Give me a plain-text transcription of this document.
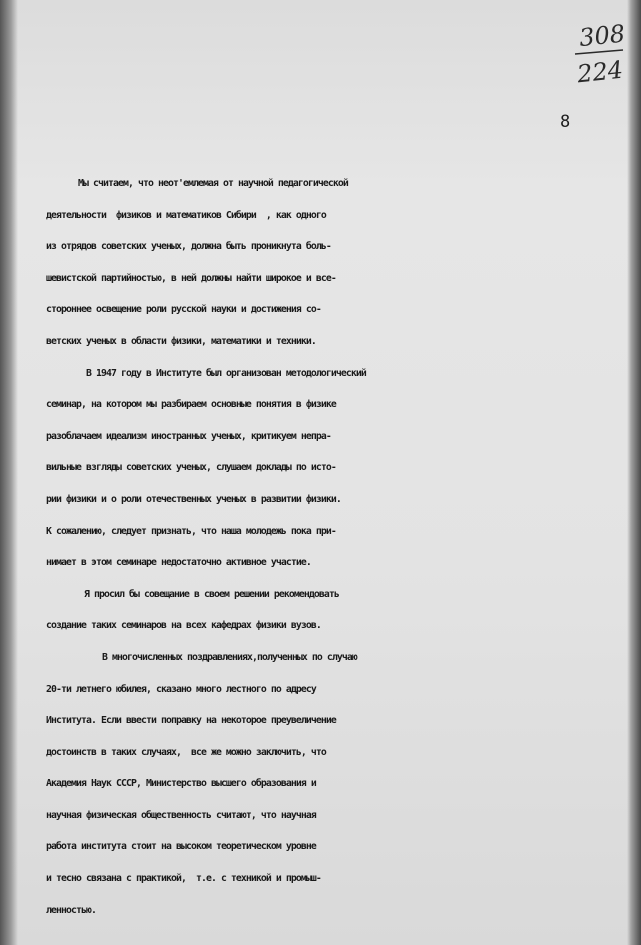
308
224
8
Мы считаем, что неот'емлемая от научной педагогической
деятельности  физиков и математиков Сибири  , как одного
из отрядов советских ученых, должна быть проникнута боль-
шевистской партийностью, в ней должны найти широкое и все-
стороннее освещение роли русской науки и достижения со-
ветских ученых в области физики, математики и техники.
В 1947 году в Институте был организован методологический
семинар, на котором мы разбираем основные понятия в физике
разоблачаем идеализм иностранных ученых, критикуем непра-
вильные взгляды советских ученых, слушаем доклады по исто-
рии физики и о роли отечественных ученых в развитии физики.
К сожалению, следует признать, что наша молодежь пока при-
нимает в этом семинаре недостаточно активное участие.
Я просил бы совещание в своем решении рекомендовать
создание таких семинаров на всех кафедрах физики вузов.
В многочисленных поздравлениях,полученных по случаю
20-ти летнего юбилея, сказано много лестного по адресу
Института. Если ввести поправку на некоторое преувеличение
достоинств в таких случаях,  все же можно заключить, что
Академия Наук СССР, Министерство высшего образования и
научная физическая общественность считают, что научная
работа института стоит на высоком теоретическом уровне
и тесно связана с практикой,  т.е. с техникой и промыш-
ленностью.
